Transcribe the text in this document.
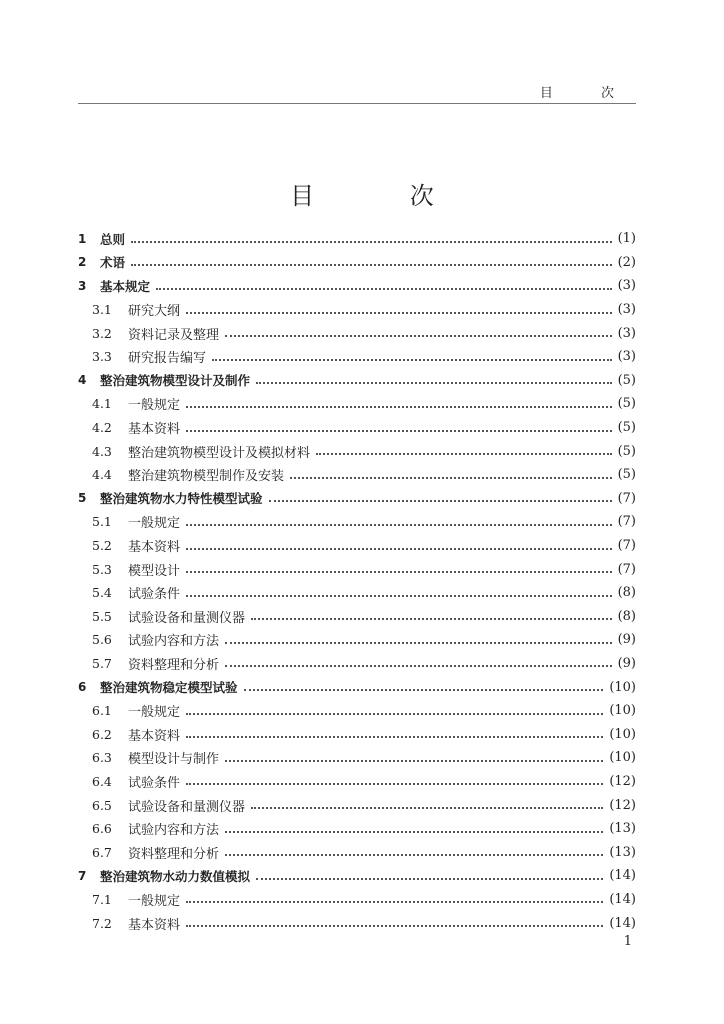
目 次
目 次
1	总则	(1)
2	术语	(2)
3	基本规定	(3)
3.1	研究大纲	(3)
3.2	资料记录及整理	(3)
3.3	研究报告编写	(3)
4	整治建筑物模型设计及制作	(5)
4.1	一般规定	(5)
4.2	基本资料	(5)
4.3	整治建筑物模型设计及模拟材料	(5)
4.4	整治建筑物模型制作及安装	(5)
5	整治建筑物水力特性模型试验	(7)
5.1	一般规定	(7)
5.2	基本资料	(7)
5.3	模型设计	(7)
5.4	试验条件	(8)
5.5	试验设备和量测仪器	(8)
5.6	试验内容和方法	(9)
5.7	资料整理和分析	(9)
6	整治建筑物稳定模型试验	(10)
6.1	一般规定	(10)
6.2	基本资料	(10)
6.3	模型设计与制作	(10)
6.4	试验条件	(12)
6.5	试验设备和量测仪器	(12)
6.6	试验内容和方法	(13)
6.7	资料整理和分析	(13)
7	整治建筑物水动力数值模拟	(14)
7.1	一般规定	(14)
7.2	基本资料	(14)
1
